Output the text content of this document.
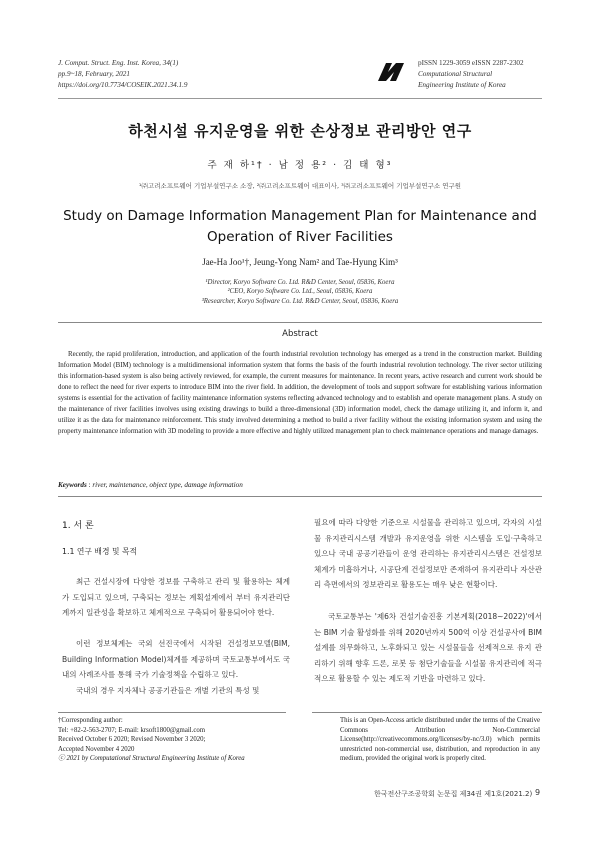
J. Comput. Struct. Eng. Inst. Korea, 34(1)
pp.9~18, February, 2021
https://doi.org/10.7734/COSEIK.2021.34.1.9
pISSN 1229-3059 eISSN 2287-2302
Computational Structural
Engineering Institute of Korea
하천시설 유지운영을 위한 손상정보 관리방안 연구
주 재 하¹† · 남 정 용² · 김 태 형³
¹㈜고려소프트웨어 기업부설연구소 소장, ²㈜고려소프트웨어 대표이사, ³㈜고려소프트웨어 기업부설연구소 연구원
Study on Damage Information Management Plan for Maintenance and
Operation of River Facilities
Jae-Ha Joo¹†, Jeung-Yong Nam² and Tae-Hyung Kim³
¹Director, Koryo Software Co. Ltd. R&D Center, Seoul, 05836, Koera
²CEO, Koryo Software Co. Ltd., Seoul, 05836, Koera
³Researcher, Koryo Software Co. Ltd. R&D Center, Seoul, 05836, Koera
Abstract
Recently, the rapid proliferation, introduction, and application of the fourth industrial revolution technology has emerged as a trend in the construction market. Building Information Model (BIM) technology is a multidimensional information system that forms the basis of the fourth industrial revolution technology. The river sector utilizing this information-based system is also being actively reviewed, for example, the current measures for maintenance. In recent years, active research and current work should be done to reflect the need for river experts to introduce BIM into the river field. In addition, the development of tools and support software for establishing various information systems is essential for the activation of facility maintenance information systems reflecting advanced technology and to establish and operate management plans. A study on the maintenance of river facilities involves using existing drawings to build a three-dimensional (3D) information model, check the damage utilizing it, and inform it, and utilize it as the data for maintenance reinforcement. This study involved determining a method to build a river facility without the existing information system and using the property maintenance information with 3D modeling to provide a more effective and highly utilized management plan to check maintenance operations and manage damages.
Keywords : river, maintenance, object type, damage information
1. 서 론
1.1 연구 배경 및 목적
최근 건설시장에 다양한 정보를 구축하고 관리 및 활용하는 체계가 도입되고 있으며, 구축되는 정보는 계획설계에서 부터 유지관리단계까지 일관성을 확보하고 체계적으로 구축되어 활용되어야 한다.
이런 정보체계는 국외 선진국에서 시작된 건설정보모델(BIM, Building Information Model)체계를 제공하며 국토교통부에서도 국내의 사례조사를 통해 국가 기술정책을 수립하고 있다.
국내의 경우 지자체나 공공기관들은 개별 기관의 특성 및
필요에 따라 다양한 기준으로 시설물을 관리하고 있으며, 각자의 시설물 유지관리시스템 개발과 유지운영을 위한 시스템을 도입·구축하고 있으나 국내 공공기관들이 운영 관리하는 유지관리시스템은 건설정보체계가 미흡하거나, 시공단계 건설정보만 존재하여 유지관리나 자산관리 측면에서의 정보관리로 활용도는 매우 낮은 현황이다.
국토교통부는 '제6차 건설기술진흥 기본계획(2018~2022)'에서는 BIM 기술 활성화를 위해 2020년까지 500억 이상 건설공사에 BIM 설계를 의무화하고, 노후화되고 있는 시설물들을 선제적으로 유지 관리하기 위해 향후 드론, 로봇 등 첨단기술들을 시설물 유지관리에 적극적으로 활용할 수 있는 제도적 기반을 마련하고 있다.
†Corresponding author:
Tel: +82-2-563-2707; E-mail: krsoft1800@gmail.com
Received October 6 2020; Revised November 3 2020;
Accepted November 4 2020
ⓒ 2021 by Computational Structural Engineering Institute of Korea
This is an Open-Access article distributed under the terms of the Creative Commons Attribution Non-Commercial License(http://creativecommons.org/licenses/by-nc/3.0) which permits unrestricted non-commercial use, distribution, and reproduction in any medium, provided the original work is properly cited.
한국전산구조공학회 논문집 제34권 제1호(2021.2) 9
